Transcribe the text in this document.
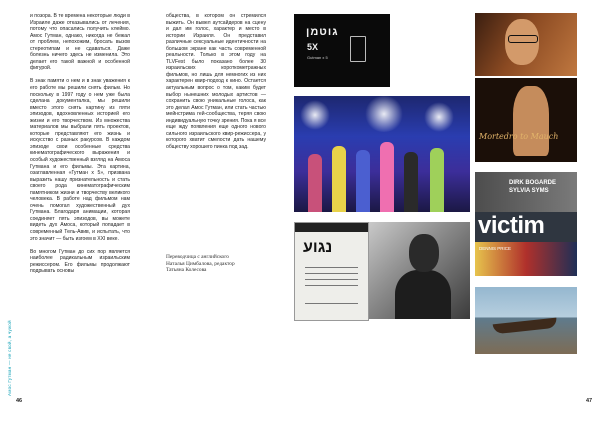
и позора. В те времена некоторые люди в Израиле даже отказывались от лечения, потому что опасались получить клеймо. Амос Гутман, однако, никогда не бежал от проблем, непохожим, бросать вызов стереотипам и не сдаваться. Даже болезнь ничего здесь не изменила. Это делает его такой важной и особенной фигурой.

В знак памяти о нем и в знак уважения к его работе мы решили снять фильм. Но поскольку в 1997 году о нем уже была сделана документалка, мы решили вместо этого снять картину из пяти эпизодов, вдохновленных историей его жизни и его творчеством. Из множества материалов мы выбрали пять проектов, которые представляют его жизнь и искусство с разных ракурсов. В каждом эпизоде свои особенные средства кинематографического выражения и особый художественный взгляд на Амоса Гутмана и его фильмы. Эта картина, озаглавленная «Гутман x 5», призвана выразить нашу признательность и стать своего рода кинематографическим памятником жизни и творчеству великого человека. В работе над фильмом нам очень помогал художественный дух Гутмана. Благодаря анимации, которая соединяет пять эпизодов, вы можете видеть дух Амоса, который попадает в современный Тель-Авив, и испытать, что это значит — быть изгоем в XXI веке.

Во многом Гутман до сих пор является наиболее радикальным израильским режиссером. Его фильмы продолжают подрывать основы

общества, в котором он стремился выжить. Он вывел аутсайдеров на сцену и дал им голос, характер и место в истории Израиля. Он представил различные сексуальные идентичности на большом экране как часть современной реальности. Только в этом году на TLVFest было показано более 30 израильских короткометражных фильмов, но лишь для немногих из них характерен квир-подход к кино. Остается актуальным вопрос о том, каким будет выбор нынешних молодых артистов — сохранить свою уникальные голоса, как это делал Амос Гутман, или стать частью мейнстрима гей-сообщества, теряя свою индивидуальную точку зрения. Пока я все еще жду появления еще одного нового сильного израильского квир-режиссера, у которого хватит смелости дать нашему обществу хорошего пинка под зад.

Переводчица с английского
Наталья Цимбалова, редактор
Татьяна Колесова
Амос Гутман — не свой, а чужой
46	47
גוטמן
5X
Gutman x 5
נגוע
Mortedro to Mauch
DIRK BOGARDE
SYLVIA SYMS
victim
DENNIS PRICE
